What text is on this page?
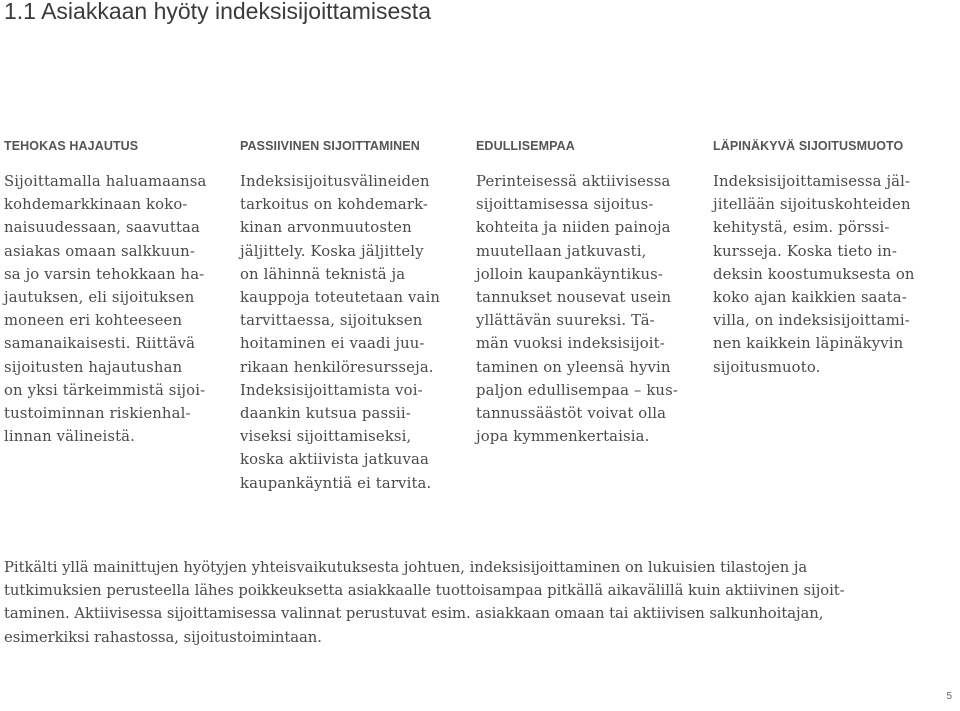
1.1 Asiakkaan hyöty indeksisijoittamisesta
TEHOKAS HAJAUTUS

Sijoittamalla haluamaansa
kohdemarkkinaan koko-
naisuudessaan, saavuttaa
asiakas omaan salkkuun-
sa jo varsin tehokkaan ha-
jautuksen, eli sijoituksen
moneen eri kohteeseen
samanaikaisesti. Riittävä
sijoitusten hajautushan
on yksi tärkeimmistä sijoi-
tustoiminnan riskienhal-
linnan välineistä.

PASSIIVINEN SIJOITTAMINEN

Indeksisijoitusvälineiden
tarkoitus on kohdemark-
kinan arvonmuutosten
jäljittely. Koska jäljittely
on lähinnä teknistä ja
kauppoja toteutetaan vain
tarvittaessa, sijoituksen
hoitaminen ei vaadi juu-
rikaan henkilöresursseja.
Indeksisijoittamista voi-
daankin kutsua passii-
viseksi sijoittamiseksi,
koska aktiivista jatkuvaa
kaupankäyntiä ei tarvita.

EDULLISEMPAA

Perinteisessä aktiivisessa
sijoittamisessa sijoitus-
kohteita ja niiden painoja
muutellaan jatkuvasti,
jolloin kaupankäyntikus-
tannukset nousevat usein
yllättävän suureksi. Tä-
män vuoksi indeksisijoit-
taminen on yleensä hyvin
paljon edullisempaa – kus-
tannussäästöt voivat olla
jopa kymmenkertaisia.

LÄPINÄKYVÄ SIJOITUSMUOTO

Indeksisijoittamisessa jäl-
jitellään sijoituskohteiden
kehitystä, esim. pörssi-
kursseja. Koska tieto in-
deksin koostumuksesta on
koko ajan kaikkien saata-
villa, on indeksisijoittami-
nen kaikkein läpinäkyvin
sijoitusmuoto.

Pitkälti yllä mainittujen hyötyjen yhteisvaikutuksesta johtuen, indeksisijoittaminen on lukuisien tilastojen ja
tutkimuksien perusteella lähes poikkeuksetta asiakkaalle tuottoisampaa pitkällä aikavälillä kuin aktiivinen sijoit-
taminen. Aktiivisessa sijoittamisessa valinnat perustuvat esim. asiakkaan omaan tai aktiivisen salkunhoitajan,
esimerkiksi rahastossa, sijoitustoimintaan.

5
